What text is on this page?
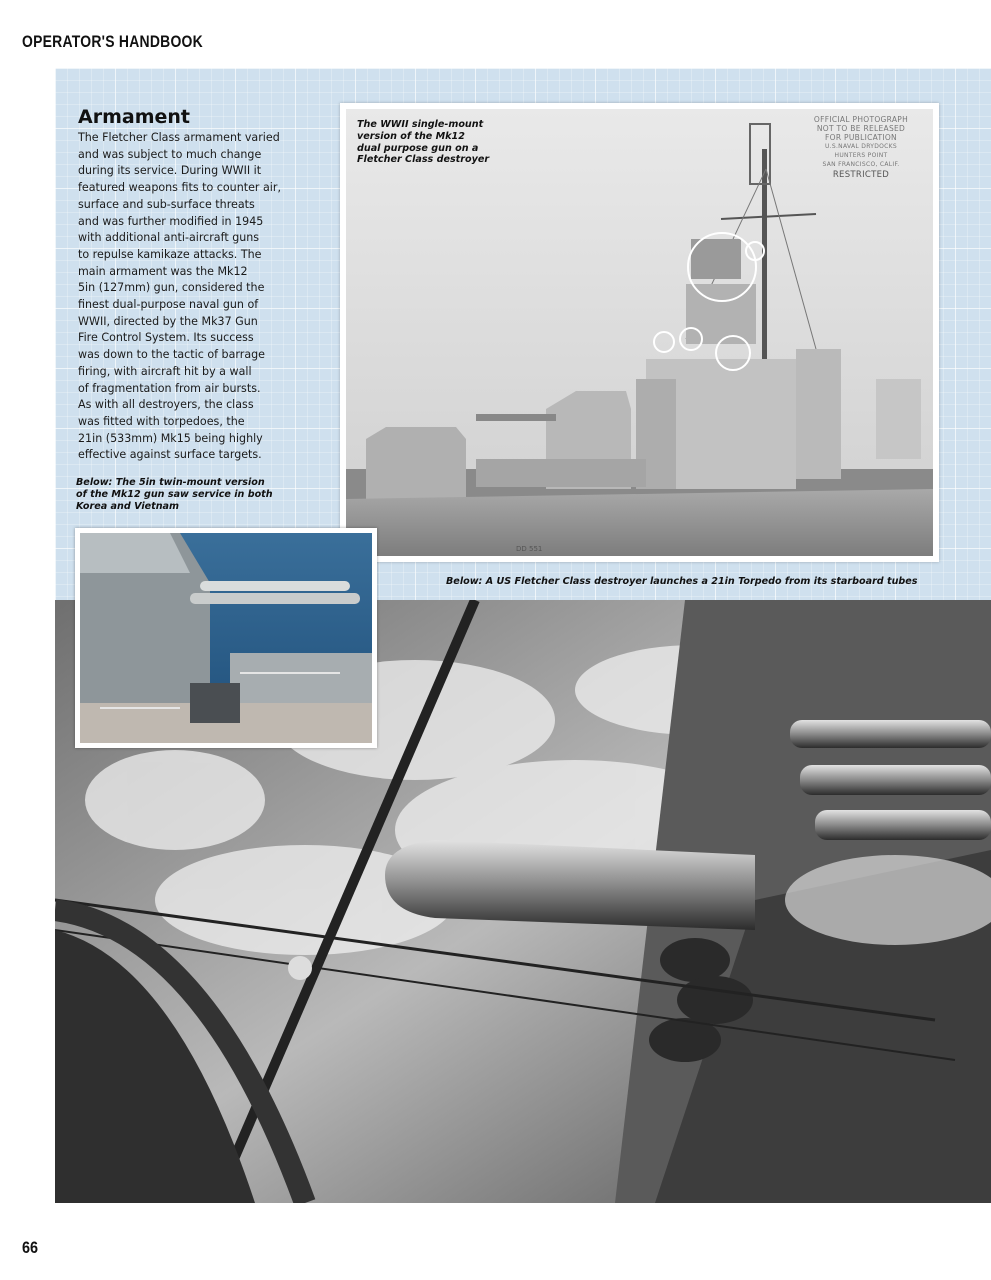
OPERATOR'S HANDBOOK
Armament
The Fletcher Class armament varied
and was subject to much change
during its service. During WWII it
featured weapons fits to counter air,
surface and sub-surface threats
and was further modified in 1945
with additional anti-aircraft guns
to repulse kamikaze attacks. The
main armament was the Mk12
5in (127mm) gun, considered the
finest dual-purpose naval gun of
WWII, directed by the Mk37 Gun
Fire Control System. Its success
was down to the tactic of barrage
firing, with aircraft hit by a wall
of fragmentation from air bursts.
As with all destroyers, the class
was fitted with torpedoes, the
21in (533mm) Mk15 being highly
effective against surface targets.
Below: The 5in twin-mount version
of the Mk12 gun saw service in both
Korea and Vietnam
OFFICIAL PHOTOGRAPH
NOT TO BE RELEASED
FOR PUBLICATION
U.S.NAVAL DRYDOCKS
HUNTERS POINT
SAN FRANCISCO, CALIF.
RESTRICTED
DD 551
The WWII single-mount
version of the Mk12
dual purpose gun on a
Fletcher Class destroyer
Below: A US Fletcher Class destroyer launches a 21in Torpedo from its starboard tubes
66
